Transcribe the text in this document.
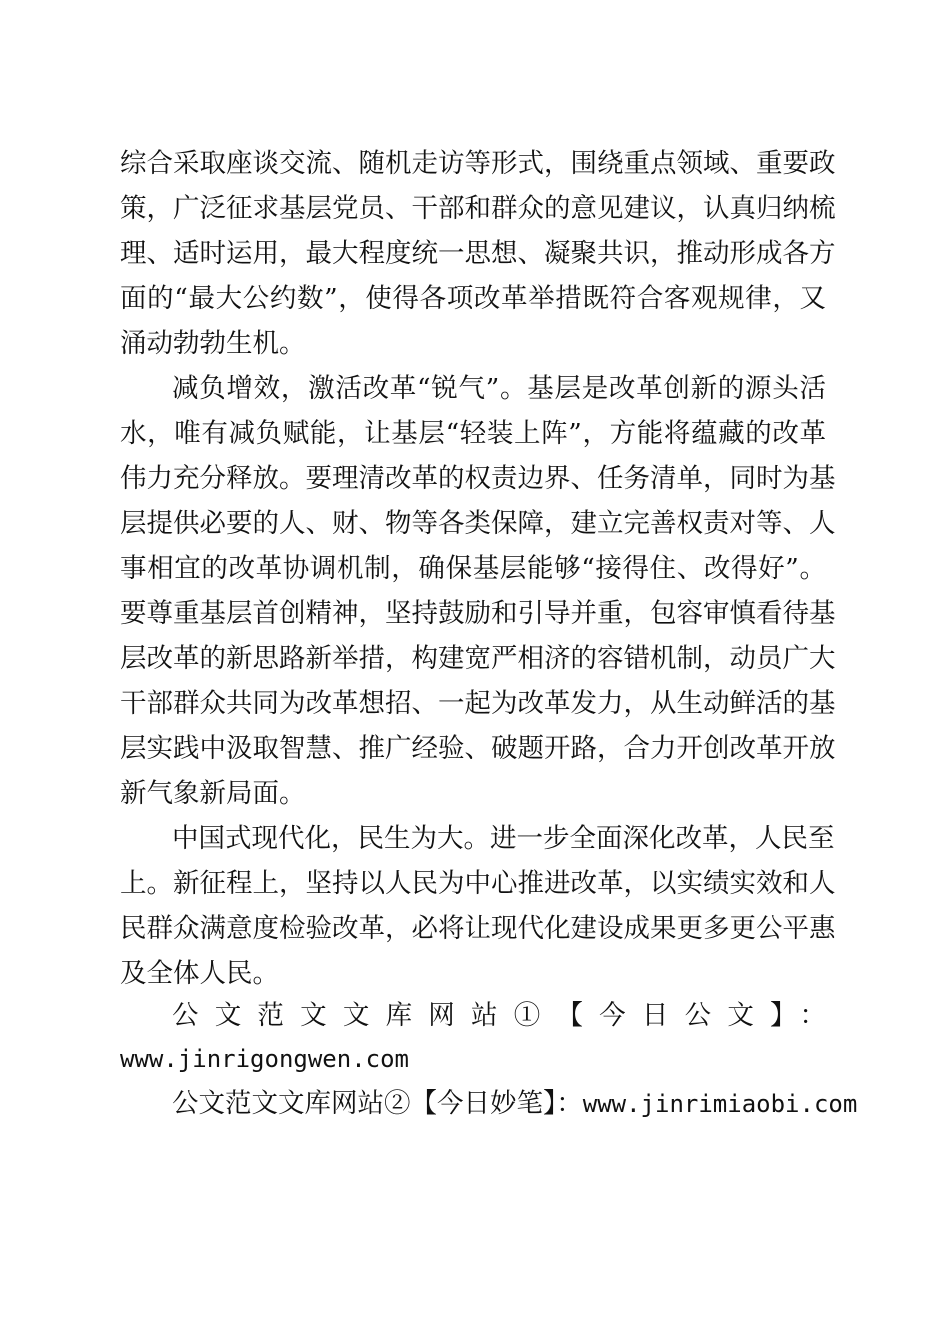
综合采取座谈交流、随机走访等形式，围绕重点领域、重要政
策，广泛征求基层党员、干部和群众的意见建议，认真归纳梳
理、适时运用，最大程度统一思想、凝聚共识，推动形成各方
面的“最大公约数”，使得各项改革举措既符合客观规律，又
涌动勃勃生机。
减负增效，激活改革“锐气”。基层是改革创新的源头活
水，唯有减负赋能，让基层“轻装上阵”，方能将蕴藏的改革
伟力充分释放。要理清改革的权责边界、任务清单，同时为基
层提供必要的人、财、物等各类保障，建立完善权责对等、人
事相宜的改革协调机制，确保基层能够“接得住、改得好”。
要尊重基层首创精神，坚持鼓励和引导并重，包容审慎看待基
层改革的新思路新举措，构建宽严相济的容错机制，动员广大
干部群众共同为改革想招、一起为改革发力，从生动鲜活的基
层实践中汲取智慧、推广经验、破题开路，合力开创改革开放
新气象新局面。
中国式现代化，民生为大。进一步全面深化改革，人民至
上。新征程上，坚持以人民为中心推进改革，以实绩实效和人
民群众满意度检验改革，必将让现代化建设成果更多更公平惠
及全体人民。
公文范文文库网站①【今日公文】：
www.jinrigongwen.com
公文范文文库网站②【今日妙笔】：www.jinrimiaobi.com
